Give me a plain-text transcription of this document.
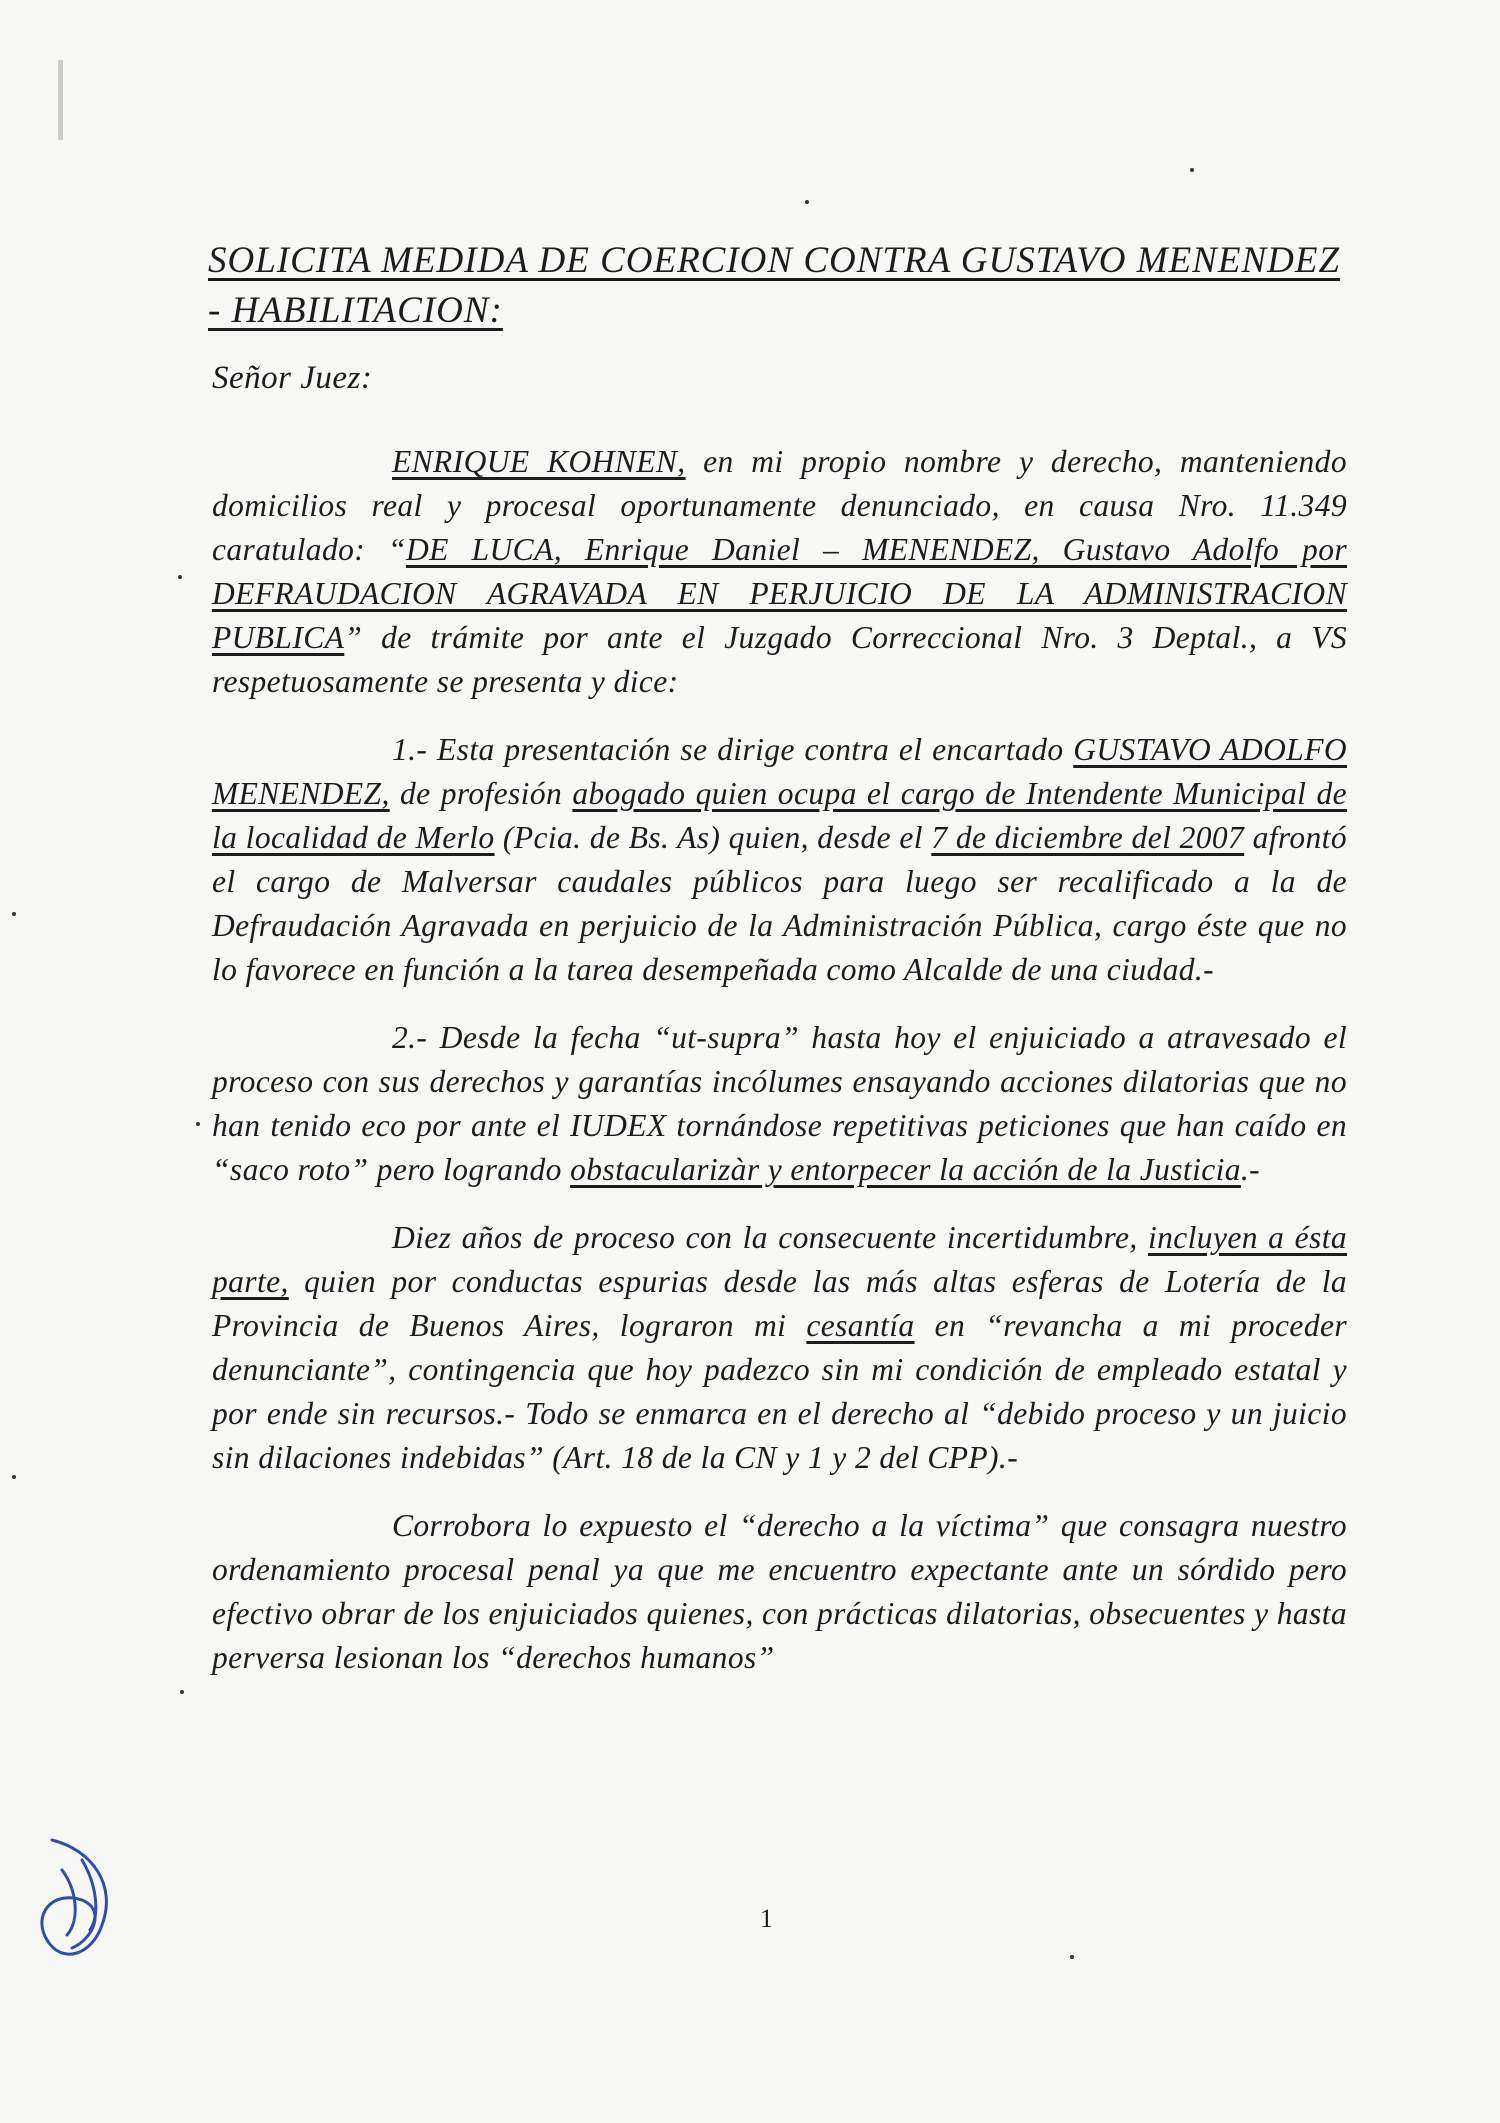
SOLICITA MEDIDA DE COERCION CONTRA GUSTAVO MENENDEZ
- HABILITACION:
Señor Juez:

ENRIQUE KOHNEN, en mi propio nombre y derecho, manteniendo domicilios real y procesal oportunamente denunciado, en causa Nro. 11.349 caratulado: “DE LUCA, Enrique Daniel – MENENDEZ, Gustavo Adolfo por DEFRAUDACION AGRAVADA EN PERJUICIO DE LA ADMINISTRACION PUBLICA” de trámite por ante el Juzgado Correccional Nro. 3 Deptal., a VS respetuosamente se presenta y dice:

1.- Esta presentación se dirige contra el encartado GUSTAVO ADOLFO MENENDEZ, de profesión abogado quien ocupa el cargo de Intendente Municipal de la localidad de Merlo (Pcia. de Bs. As) quien, desde el 7 de diciembre del 2007 afrontó el cargo de Malversar caudales públicos para luego ser recalificado a la de Defraudación Agravada en perjuicio de la Administración Pública, cargo éste que no lo favorece en función a la tarea desempeñada como Alcalde de una ciudad.-

2.- Desde la fecha “ut-supra” hasta hoy el enjuiciado a atravesado el proceso con sus derechos y garantías incólumes ensayando acciones dilatorias que no han tenido eco por ante el IUDEX tornándose repetitivas peticiones que han caído en “saco roto” pero logrando obstacularizàr y entorpecer la acción de la Justicia.-

Diez años de proceso con la consecuente incertidumbre, incluyen a ésta parte, quien por conductas espurias desde las más altas esferas de Lotería de la Provincia de Buenos Aires, lograron mi cesantía en “revancha a mi proceder denunciante”, contingencia que hoy padezco sin mi condición de empleado estatal y por ende sin recursos.- Todo se enmarca en el derecho al “debido proceso y un juicio sin dilaciones indebidas” (Art. 18 de la CN y 1 y 2 del CPP).-

Corrobora lo expuesto el “derecho a la víctima” que consagra nuestro ordenamiento procesal penal ya que me encuentro expectante ante un sórdido pero efectivo obrar de los enjuiciados quienes, con prácticas dilatorias, obsecuentes y hasta perversa lesionan los “derechos humanos”

1
